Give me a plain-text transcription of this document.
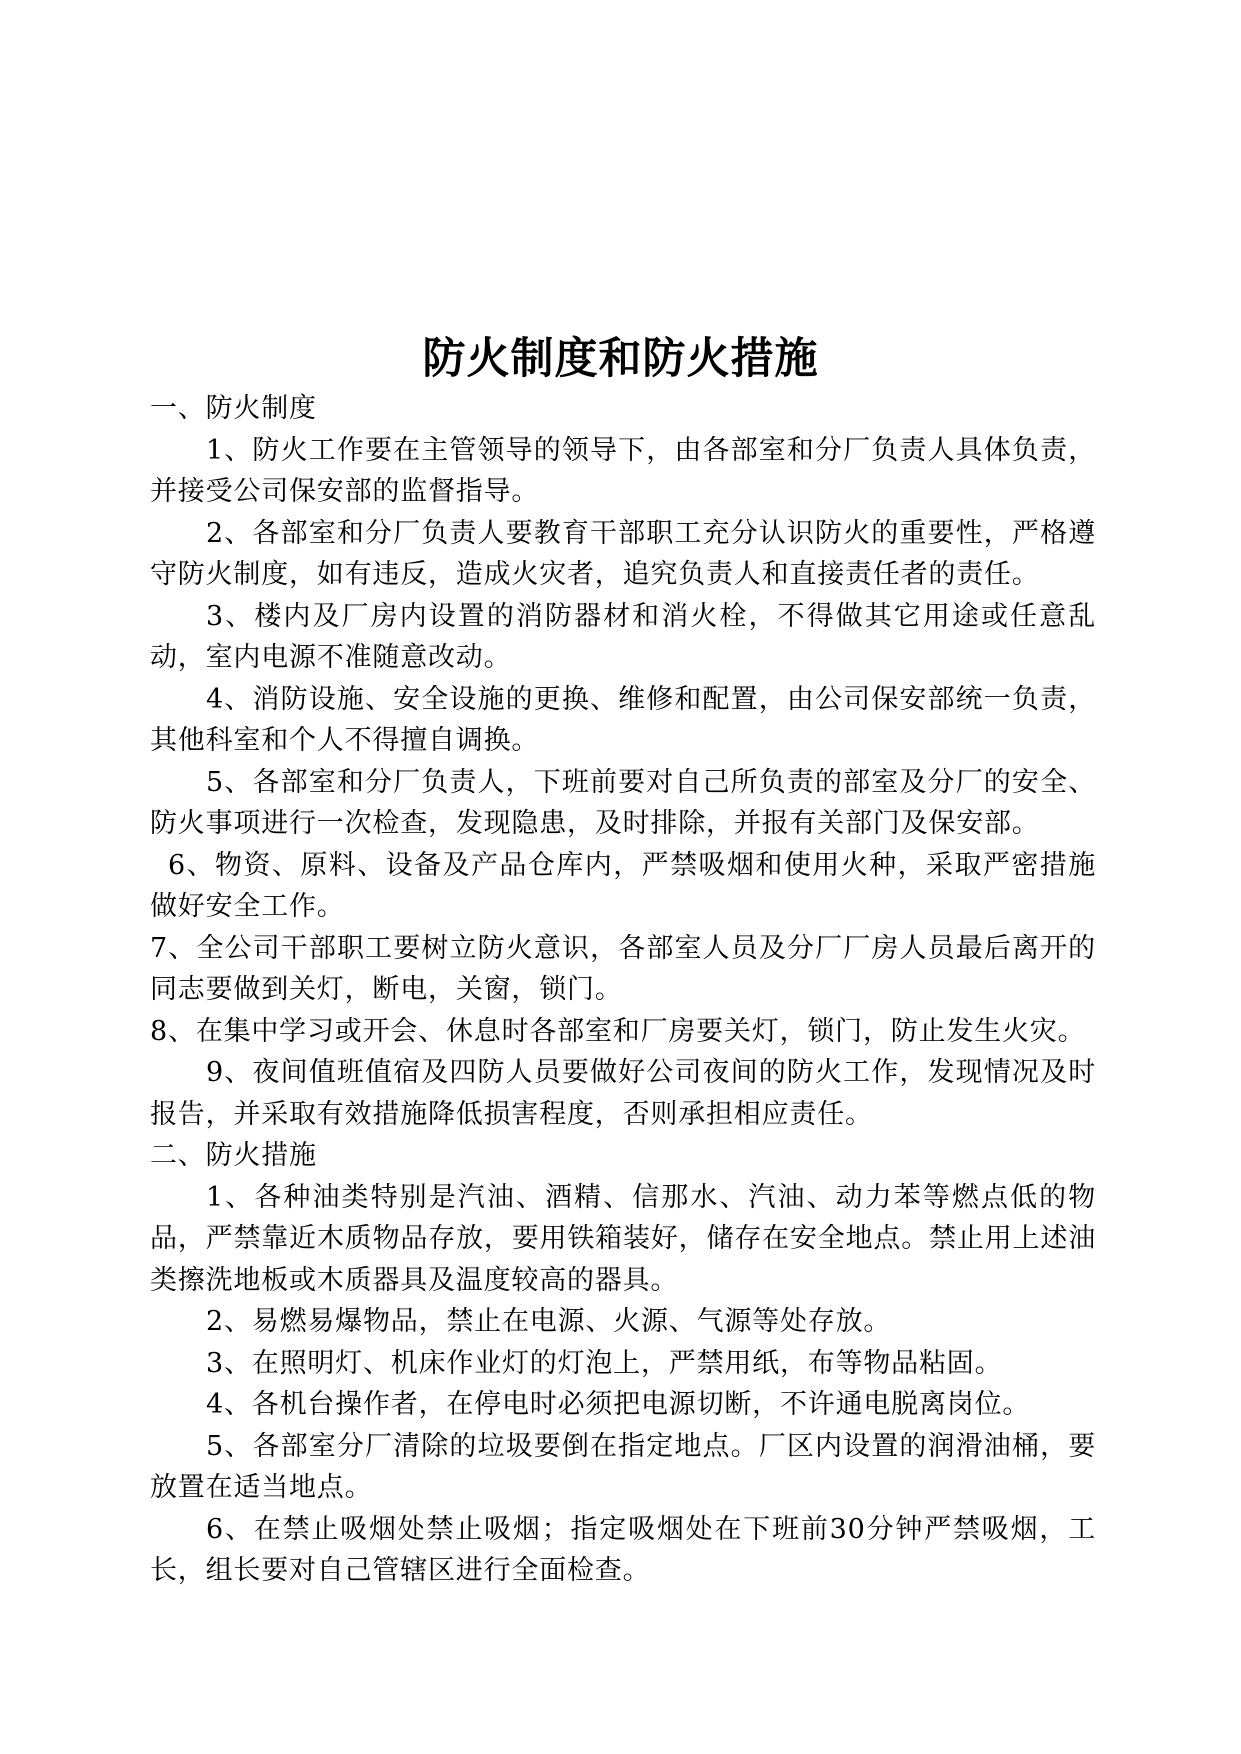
防火制度和防火措施

一、防火制度

1、防火工作要在主管领导的领导下，由各部室和分厂负责人具体负责，并接受公司保安部的监督指导。

2、各部室和分厂负责人要教育干部职工充分认识防火的重要性，严格遵守防火制度，如有违反，造成火灾者，追究负责人和直接责任者的责任。

3、楼内及厂房内设置的消防器材和消火栓，不得做其它用途或任意乱动，室内电源不准随意改动。

4、消防设施、安全设施的更换、维修和配置，由公司保安部统一负责，其他科室和个人不得擅自调换。

5、各部室和分厂负责人，下班前要对自己所负责的部室及分厂的安全、防火事项进行一次检查，发现隐患，及时排除，并报有关部门及保安部。

6、物资、原料、设备及产品仓库内，严禁吸烟和使用火种，采取严密措施做好安全工作。

7、全公司干部职工要树立防火意识，各部室人员及分厂厂房人员最后离开的同志要做到关灯，断电，关窗，锁门。

8、在集中学习或开会、休息时各部室和厂房要关灯，锁门，防止发生火灾。

9、夜间值班值宿及四防人员要做好公司夜间的防火工作，发现情况及时报告，并采取有效措施降低损害程度，否则承担相应责任。

二、防火措施

1、各种油类特别是汽油、酒精、信那水、汽油、动力苯等燃点低的物品，严禁靠近木质物品存放，要用铁箱装好，储存在安全地点。禁止用上述油类擦洗地板或木质器具及温度较高的器具。

2、易燃易爆物品，禁止在电源、火源、气源等处存放。

3、在照明灯、机床作业灯的灯泡上，严禁用纸，布等物品粘固。

4、各机台操作者，在停电时必须把电源切断，不许通电脱离岗位。

5、各部室分厂清除的垃圾要倒在指定地点。厂区内设置的润滑油桶，要放置在适当地点。

6、在禁止吸烟处禁止吸烟；指定吸烟处在下班前30分钟严禁吸烟，工长，组长要对自己管辖区进行全面检查。
